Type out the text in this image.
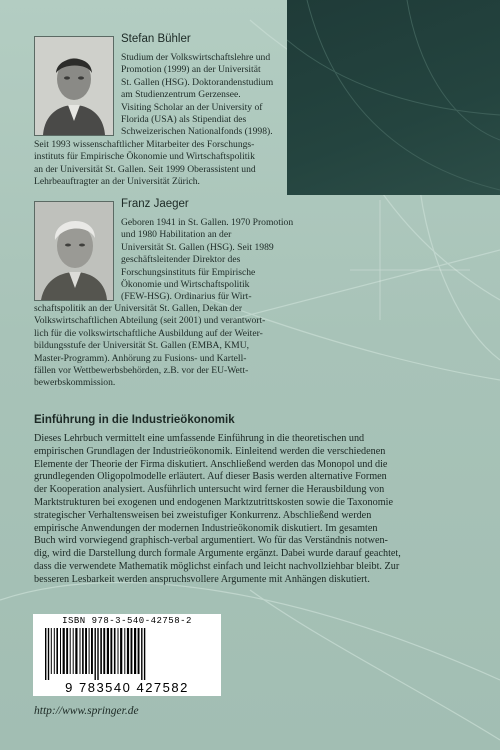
Stefan Bühler
Studium der Volkswirtschaftslehre und
Promotion (1999) an der Universität
St. Gallen (HSG). Doktorandenstudium
am Studienzentrum Gerzensee.
Visiting Scholar an der University of
Florida (USA) als Stipendiat des
Schweizerischen Nationalfonds (1998).
Seit 1993 wissenschaftlicher Mitarbeiter des Forschungs-
instituts für Empirische Ökonomie und Wirtschaftspolitik
an der Universität St. Gallen. Seit 1999 Oberassistent und
Lehrbeauftragter an der Universität Zürich.
Franz Jaeger
Geboren 1941 in St. Gallen. 1970 Promotion
und 1980 Habilitation an der
Universität St. Gallen (HSG). Seit 1989
geschäftsleitender Direktor des
Forschungsinstituts für Empirische
Ökonomie und Wirtschaftspolitik
(FEW-HSG). Ordinarius für Wirt-
schaftspolitik an der Universität St. Gallen, Dekan der
Volkswirtschaftlichen Abteilung (seit 2001) und verantwort-
lich für die volkswirtschaftliche Ausbildung auf der Weiter-
bildungsstufe der Universität St. Gallen (EMBA, KMU,
Master-Programm). Anhörung zu Fusions- und Kartell-
fällen vor Wettbewerbsbehörden, z.B. vor der EU-Wett-
bewerbskommission.
Einführung in die Industrieökonomik
Dieses Lehrbuch vermittelt eine umfassende Einführung in die theoretischen und
empirischen Grundlagen der Industrieökonomik. Einleitend werden die verschiedenen
Elemente der Theorie der Firma diskutiert. Anschließend werden das Monopol und die
grundlegenden Oligopolmodelle erläutert. Auf dieser Basis werden alternative Formen
der Kooperation analysiert. Ausführlich untersucht wird ferner die Herausbildung von
Marktstrukturen bei exogenen und endogenen Marktzutrittskosten sowie die Taxonomie
strategischer Verhaltensweisen bei zweistufiger Konkurrenz. Abschließend werden
empirische Anwendungen der modernen Industrieökonomik diskutiert. Im gesamten
Buch wird vorwiegend graphisch-verbal argumentiert. Wo für das Verständnis notwen-
dig, wird die Darstellung durch formale Argumente ergänzt. Dabei wurde darauf geachtet,
dass die verwendete Mathematik möglichst einfach und leicht nachvollziehbar bleibt. Zur
besseren Lesbarkeit werden anspruchsvollere Argumente mit Anhängen diskutiert.
ISBN 978-3-540-42758-2
9 783540 427582
http://www.springer.de
